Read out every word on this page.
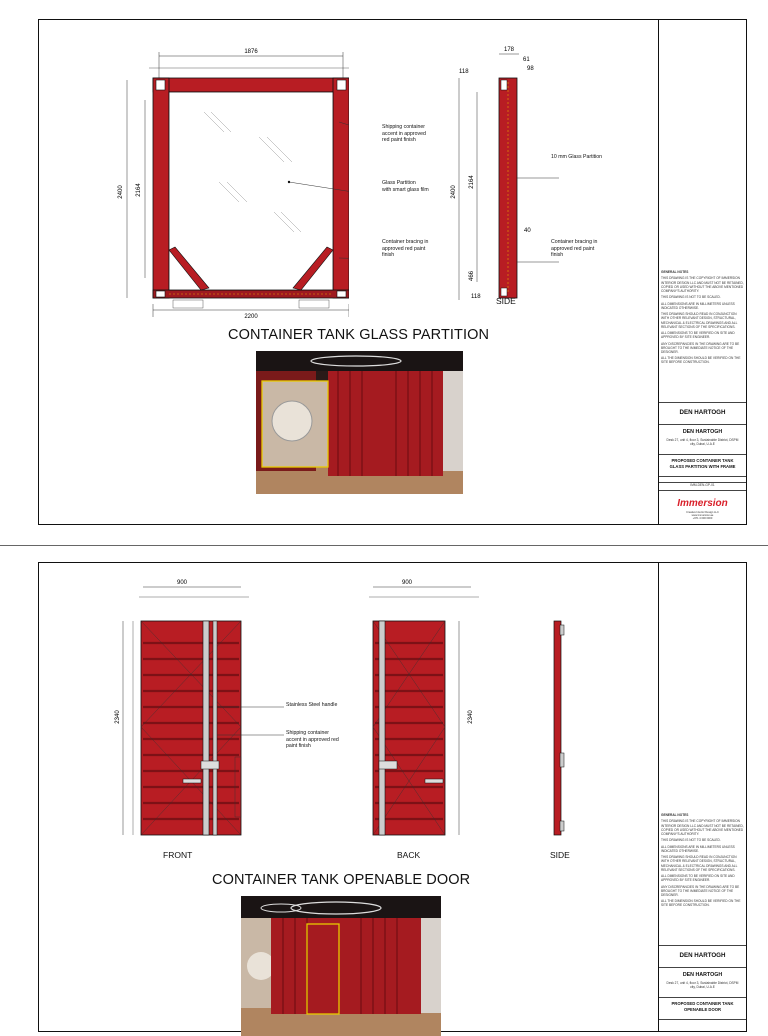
1876
2400 2164
2200
Shipping container
accent in approved
red paint finish
Glass Partition
with smart glass film
Container bracing in
approved red paint
finish
178
61
98
118
2400
2164
466
40
118
10 mm Glass Partition
Container bracing in
approved red paint
finish
SIDE
CONTAINER TANK GLASS PARTITION

GENERAL NOTES

THIS DRAWING IS THE COPYRIGHT OF IMMERSION INTERIOR DESIGN LLC AND MUST NOT BE RETAINED, COPIED OR USED WITHOUT THE ABOVE MENTIONED COMPANY'S AUTHORITY.

THIS DRAWING IS NOT TO BE SCALED.

ALL DIMENSIONS ARE IN MILLIMETERS UNLESS INDICATED OTHERWISE.

THIS DRAWING SHOULD READ IN CONJUNCTION WITH OTHER RELEVANT DESIGN, STRUCTURAL, MECHANICAL & ELECTRICAL DRAWINGS AND ALL RELEVANT SECTIONS OF THE SPECIFICATIONS.

ALL DIMENSIONS TO BE VERIFIED ON SITE AND APPROVED BY SITE ENGINEER.

ANY DISCREPANCIES IN THE DRAWING ARE TO BE BROUGHT TO THE IMMEDIATE NOTICE OF THE DESIGNER.

ALL THE DIMENSION SHOULD BE VERIFIED ON THE SITE BEFORE CONSTRUCTION.

DEN HARTOGH
DEN HARTOGH
Desk 27, unit 4, floor 3, Sustainable District, DSPM city, Dubai, U.A.E
PROPOSED CONTAINER TANK
GLASS PARTITION WITH FRAME
IMM-DEN-GP-01
Immersion
Creative Interior Design LLC
www.immersion.ae
+971 4 000 0000
900
2340
Stainless Steel handle
Shipping container
accent in approved red
paint finish
FRONT
900
2340
BACK	SIDE
CONTAINER TANK OPENABLE DOOR

GENERAL NOTES

THIS DRAWING IS THE COPYRIGHT OF IMMERSION INTERIOR DESIGN LLC AND MUST NOT BE RETAINED, COPIED OR USED WITHOUT THE ABOVE MENTIONED COMPANY'S AUTHORITY.

THIS DRAWING IS NOT TO BE SCALED.

ALL DIMENSIONS ARE IN MILLIMETERS UNLESS INDICATED OTHERWISE.

THIS DRAWING SHOULD READ IN CONJUNCTION WITH OTHER RELEVANT DESIGN, STRUCTURAL, MECHANICAL & ELECTRICAL DRAWINGS AND ALL RELEVANT SECTIONS OF THE SPECIFICATIONS.

ALL DIMENSIONS TO BE VERIFIED ON SITE AND APPROVED BY SITE ENGINEER.

ANY DISCREPANCIES IN THE DRAWING ARE TO BE BROUGHT TO THE IMMEDIATE NOTICE OF THE DESIGNER.

ALL THE DIMENSION SHOULD BE VERIFIED ON THE SITE BEFORE CONSTRUCTION.

DEN HARTOGH
DEN HARTOGH
Desk 27, unit 4, floor 3, Sustainable District, DSPM city, Dubai, U.A.E
PROPOSED CONTAINER TANK
OPENABLE DOOR
